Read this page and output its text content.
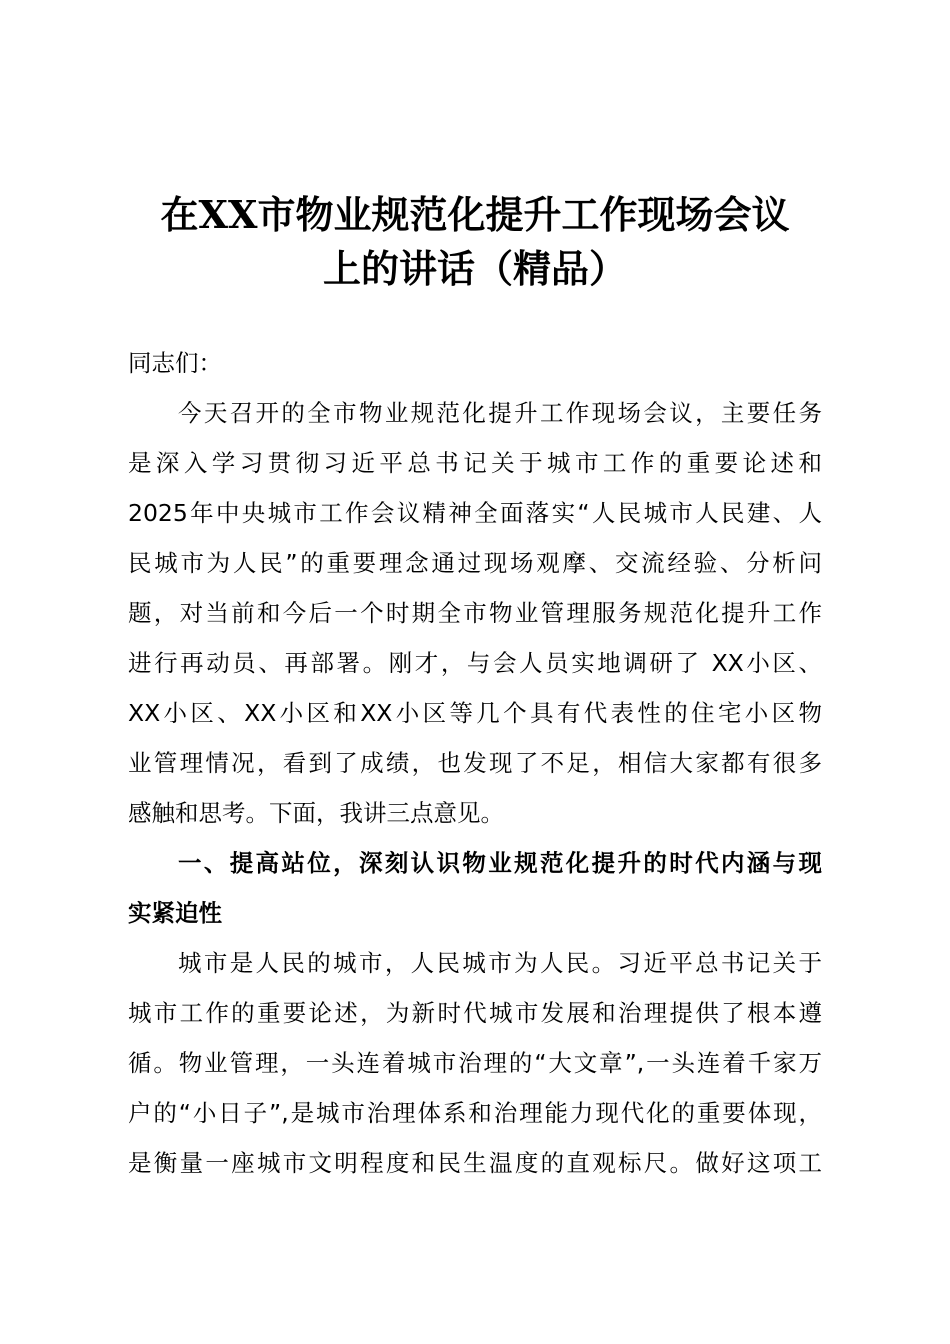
在XX市物业规范化提升工作现场会议
上的讲话（精品）
同志们：
今天召开的全市物业规范化提升工作现场会议，主要任务
是深入学习贯彻习近平总书记关于城市工作的重要论述和
2025年中央城市工作会议精神全面落实“人民城市人民建、人
民城市为人民”的重要理念通过现场观摩、交流经验、分析问
题，对当前和今后一个时期全市物业管理服务规范化提升工作
进行再动员、再部署。刚才，与会人员实地调研了 XX小区、
XX小区、XX小区和XX小区等几个具有代表性的住宅小区物
业管理情况，看到了成绩，也发现了不足，相信大家都有很多
感触和思考。下面，我讲三点意见。
一、提高站位，深刻认识物业规范化提升的时代内涵与现
实紧迫性
城市是人民的城市，人民城市为人民。习近平总书记关于
城市工作的重要论述，为新时代城市发展和治理提供了根本遵
循。物业管理，一头连着城市治理的“大文章”,一头连着千家万
户的“小日子”,是城市治理体系和治理能力现代化的重要体现，
是衡量一座城市文明程度和民生温度的直观标尺。做好这项工
